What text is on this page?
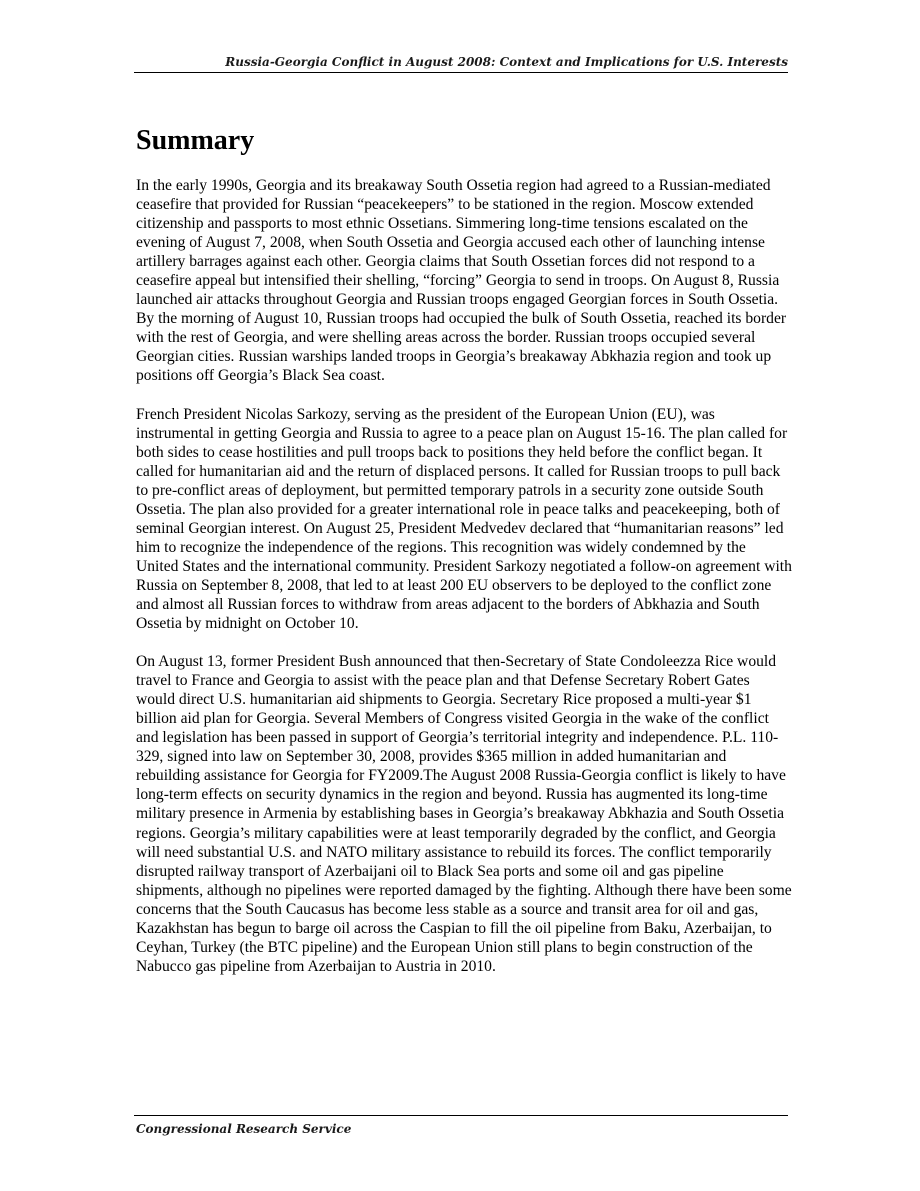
Russia-Georgia Conflict in August 2008: Context and Implications for U.S. Interests
Summary

In the early 1990s, Georgia and its breakaway South Ossetia region had agreed to a Russian-mediated ceasefire that provided for Russian “peacekeepers” to be stationed in the region. Moscow extended citizenship and passports to most ethnic Ossetians. Simmering long-time tensions escalated on the evening of August 7, 2008, when South Ossetia and Georgia accused each other of launching intense artillery barrages against each other. Georgia claims that South Ossetian forces did not respond to a ceasefire appeal but intensified their shelling, “forcing” Georgia to send in troops. On August 8, Russia launched air attacks throughout Georgia and Russian troops engaged Georgian forces in South Ossetia. By the morning of August 10, Russian troops had occupied the bulk of South Ossetia, reached its border with the rest of Georgia, and were shelling areas across the border. Russian troops occupied several Georgian cities. Russian warships landed troops in Georgia’s breakaway Abkhazia region and took up positions off Georgia’s Black Sea coast.

French President Nicolas Sarkozy, serving as the president of the European Union (EU), was instrumental in getting Georgia and Russia to agree to a peace plan on August 15-16. The plan called for both sides to cease hostilities and pull troops back to positions they held before the conflict began. It called for humanitarian aid and the return of displaced persons. It called for Russian troops to pull back to pre-conflict areas of deployment, but permitted temporary patrols in a security zone outside South Ossetia. The plan also provided for a greater international role in peace talks and peacekeeping, both of seminal Georgian interest. On August 25, President Medvedev declared that “humanitarian reasons” led him to recognize the independence of the regions. This recognition was widely condemned by the United States and the international community. President Sarkozy negotiated a follow-on agreement with Russia on September 8, 2008, that led to at least 200 EU observers to be deployed to the conflict zone and almost all Russian forces to withdraw from areas adjacent to the borders of Abkhazia and South Ossetia by midnight on October 10.

On August 13, former President Bush announced that then-Secretary of State Condoleezza Rice would travel to France and Georgia to assist with the peace plan and that Defense Secretary Robert Gates would direct U.S. humanitarian aid shipments to Georgia. Secretary Rice proposed a multi-year $1 billion aid plan for Georgia. Several Members of Congress visited Georgia in the wake of the conflict and legislation has been passed in support of Georgia’s territorial integrity and independence. P.L. 110-329, signed into law on September 30, 2008, provides $365 million in added humanitarian and rebuilding assistance for Georgia for FY2009.The August 2008 Russia-Georgia conflict is likely to have long-term effects on security dynamics in the region and beyond. Russia has augmented its long-time military presence in Armenia by establishing bases in Georgia’s breakaway Abkhazia and South Ossetia regions. Georgia’s military capabilities were at least temporarily degraded by the conflict, and Georgia will need substantial U.S. and NATO military assistance to rebuild its forces. The conflict temporarily disrupted railway transport of Azerbaijani oil to Black Sea ports and some oil and gas pipeline shipments, although no pipelines were reported damaged by the fighting. Although there have been some concerns that the South Caucasus has become less stable as a source and transit area for oil and gas, Kazakhstan has begun to barge oil across the Caspian to fill the oil pipeline from Baku, Azerbaijan, to Ceyhan, Turkey (the BTC pipeline) and the European Union still plans to begin construction of the Nabucco gas pipeline from Azerbaijan to Austria in 2010.

Congressional Research Service
